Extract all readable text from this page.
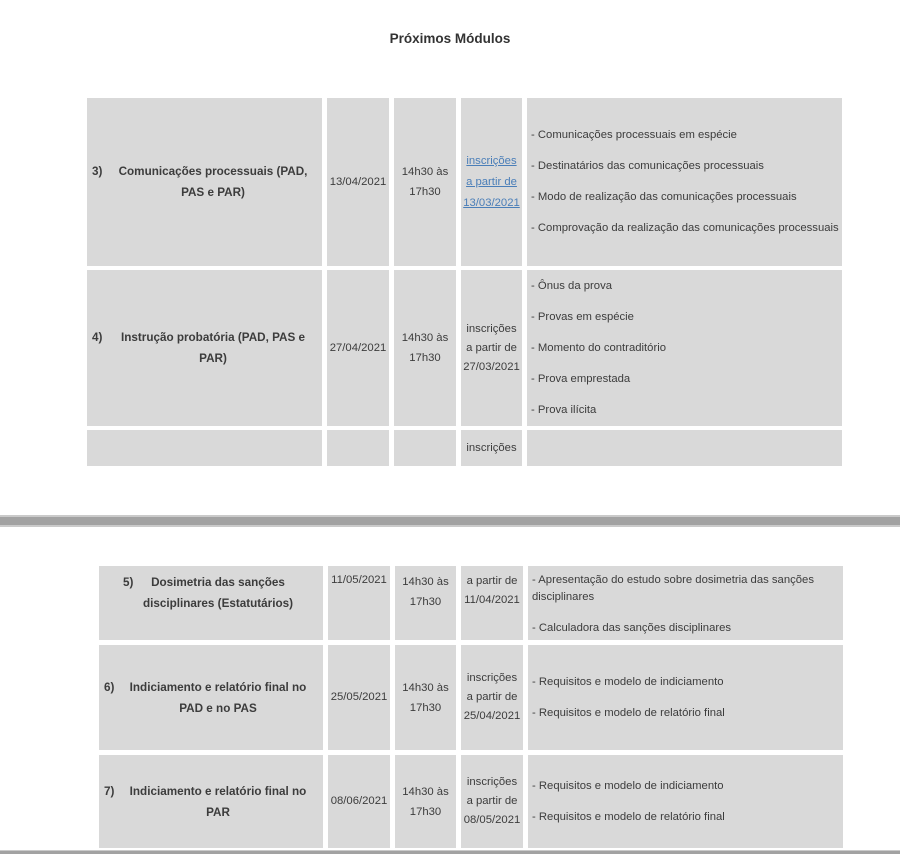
Próximos Módulos
3) Comunicações processuais (PAD, PAS e PAR)
13/04/2021
14h30 às
17h30
inscrições
a partir de
13/03/2021

- Comunicações processuais em espécie

- Destinatários das comunicações processuais

- Modo de realização das comunicações processuais

- Comprovação da realização das comunicações processuais

4) Instrução probatória (PAD, PAS e PAR)
27/04/2021
14h30 às
17h30
inscrições
a partir de
27/03/2021

- Ônus da prova

- Provas em espécie

- Momento do contraditório

- Prova emprestada

- Prova ilícita

inscrições
5) Dosimetria das sanções disciplinares (Estatutários)
11/05/2021	14h30 às
17h30
a partir de
11/04/2021

- Apresentação do estudo sobre dosimetria das sanções disciplinares

- Calculadora das sanções disciplinares

6) Indiciamento e relatório final no PAD e no PAS
25/05/2021
14h30 às
17h30
inscrições
a partir de
25/04/2021

- Requisitos e modelo de indiciamento

- Requisitos e modelo de relatório final

7) Indiciamento e relatório final no PAR
08/06/2021
14h30 às
17h30
inscrições
a partir de
08/05/2021

- Requisitos e modelo de indiciamento

- Requisitos e modelo de relatório final
